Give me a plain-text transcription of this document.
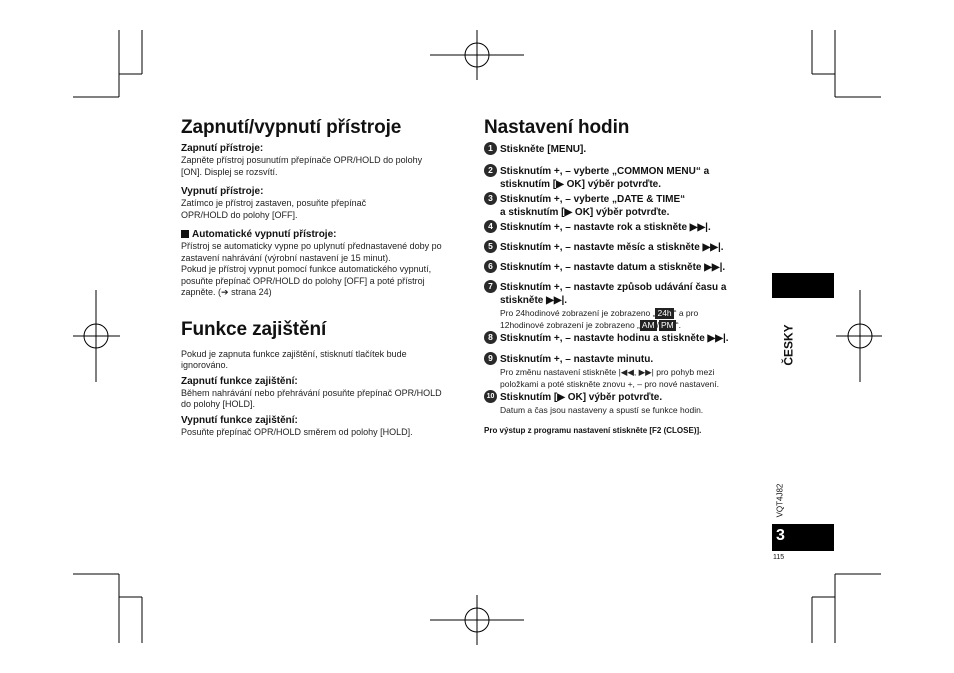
Zapnutí/vypnutí přístroje
Zapnutí přístroje:
Zapněte přístroj posunutím přepínače OPR/HOLD do polohy
[ON]. Displej se rozsvítí.
Vypnutí přístroje:
Zatímco je přístroj zastaven, posuňte přepínač
OPR/HOLD do polohy [OFF].
Automatické vypnutí přístroje:
Přístroj se automaticky vypne po uplynutí přednastavené doby po
zastavení nahrávání (výrobní nastavení je 15 minut).
Pokud je přístroj vypnut pomocí funkce automatického vypnutí,
posuňte přepínač OPR/HOLD do polohy [OFF] a poté přístroj
zapněte. (➔ strana 24)
Funkce zajištění
Pokud je zapnuta funkce zajištění, stisknutí tlačítek bude
ignorováno.
Zapnutí funkce zajištění:
Během nahrávání nebo přehrávání posuňte přepínač OPR/HOLD
do polohy [HOLD].
Vypnutí funkce zajištění:
Posuňte přepínač OPR/HOLD směrem od polohy [HOLD].
Nastavení hodin
1 Stiskněte [MENU].
2 Stisknutím +, – vyberte „COMMON MENU“ a
stisknutím [▶ OK] výběr potvrďte.
3 Stisknutím +, – vyberte „DATE & TIME“
a stisknutím [▶ OK] výběr potvrďte.
4 Stisknutím +, – nastavte rok a stiskněte ▶▶|.
5 Stisknutím +, – nastavte měsíc a stiskněte ▶▶|.
6 Stisknutím +, – nastavte datum a stiskněte ▶▶|.
7 Stisknutím +, – nastavte způsob udávání času a
stiskněte ▶▶|.
Pro 24hodinové zobrazení je zobrazeno „ 24h “ a pro
12hodinové zobrazení je zobrazeno „ AM / PM “.
8 Stisknutím +, – nastavte hodinu a stiskněte ▶▶|.
9 Stisknutím +, – nastavte minutu.
Pro změnu nastavení stiskněte |◀◀, ▶▶| pro pohyb mezi
položkami a poté stiskněte znovu +, – pro nové nastavení.
10 Stisknutím [▶ OK] výběr potvrďte.
Datum a čas jsou nastaveny a spustí se funkce hodin.
Pro výstup z programu nastavení stiskněte [F2 (CLOSE)].
ČESKY
VQT4J82
3
115
